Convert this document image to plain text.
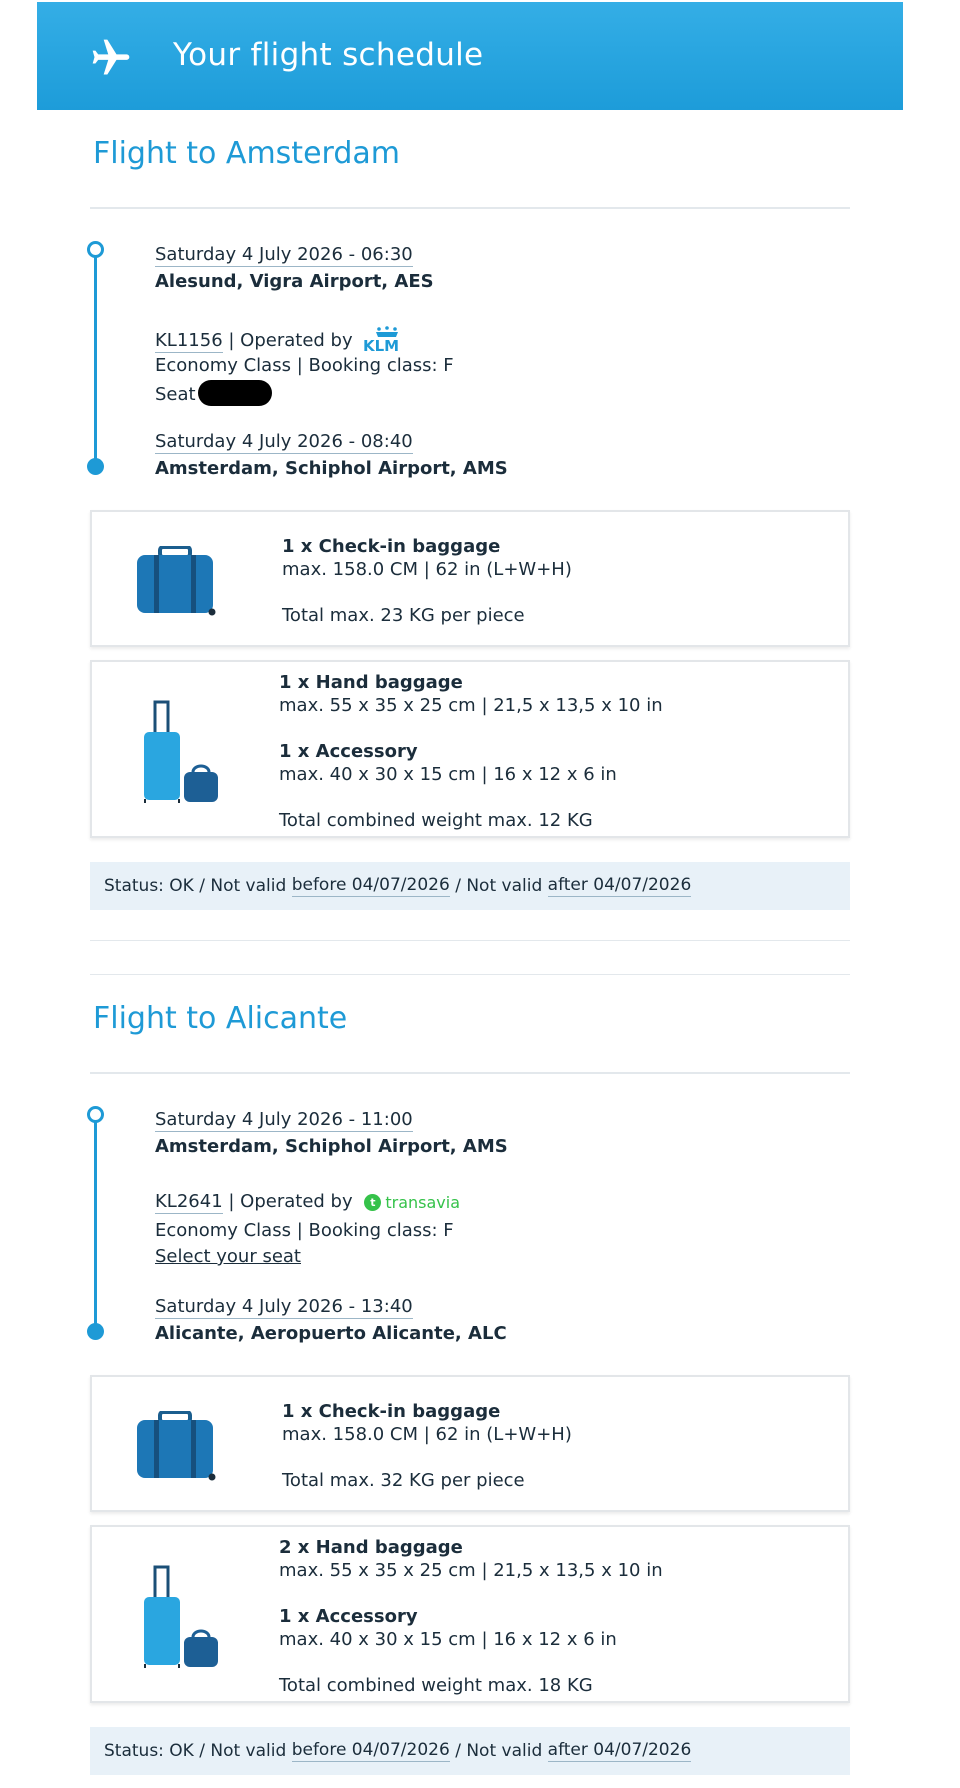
Your flight schedule
Flight to Amsterdam
Saturday 4 July 2026 - 06:30
Alesund, Vigra Airport, AES
KL1156 | Operated by KLM
Economy Class | Booking class: F
Seat
Saturday 4 July 2026 - 08:40
Amsterdam, Schiphol Airport, AMS
1 x Check-in baggage
max. 158.0 CM | 62 in (L+W+H)
Total max. 23 KG per piece
1 x Hand baggage
max. 55 x 35 x 25 cm | 21,5 x 13,5 x 10 in
1 x Accessory
max. 40 x 30 x 15 cm | 16 x 12 x 6 in
Total combined weight max. 12 KG
Status: OK / Not valid
before 04/07/2026
/ Not valid
after 04/07/2026
Flight to Alicante
Saturday 4 July 2026 - 11:00
Amsterdam, Schiphol Airport, AMS
KL2641 | Operated by	t transavia
Economy Class | Booking class: F
Select your seat
Saturday 4 July 2026 - 13:40
Alicante, Aeropuerto Alicante, ALC
1 x Check-in baggage
max. 158.0 CM | 62 in (L+W+H)
Total max. 32 KG per piece
2 x Hand baggage
max. 55 x 35 x 25 cm | 21,5 x 13,5 x 10 in
1 x Accessory
max. 40 x 30 x 15 cm | 16 x 12 x 6 in
Total combined weight max. 18 KG
Status: OK / Not valid
before 04/07/2026
/ Not valid
after 04/07/2026
